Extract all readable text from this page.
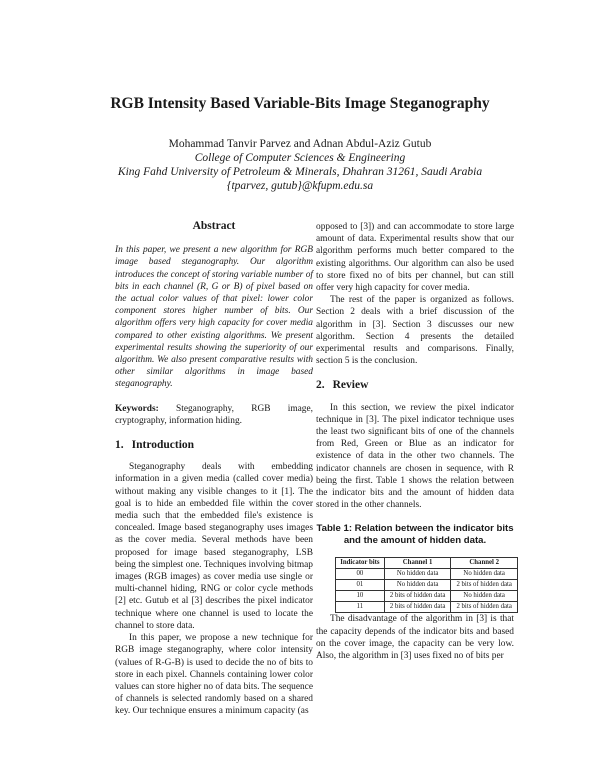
RGB Intensity Based Variable-Bits Image Steganography
Mohammad Tanvir Parvez and Adnan Abdul-Aziz Gutub
College of Computer Sciences & Engineering
King Fahd University of Petroleum & Minerals, Dhahran 31261, Saudi Arabia
{tparvez, gutub}@kfupm.edu.sa
Abstract

In this paper, we present a new algorithm for RGB image based steganography. Our algorithm introduces the concept of storing variable number of bits in each channel (R, G or B) of pixel based on the actual color values of that pixel: lower color component stores higher number of bits. Our algorithm offers very high capacity for cover media compared to other existing algorithms. We present experimental results showing the superiority of our algorithm. We also present comparative results with other similar algorithms in image based steganography.

Keywords: Steganography, RGB image, cryptography, information hiding.

1. Introduction

Steganography deals with embedding information in a given media (called cover media) without making any visible changes to it [1]. The goal is to hide an embedded file within the cover media such that the embedded file's existence is concealed. Image based steganography uses images as the cover media. Several methods have been proposed for image based steganography, LSB being the simplest one. Techniques involving bitmap images (RGB images) as cover media use single or multi-channel hiding, RNG or color cycle methods [2] etc. Gutub et al [3] describes the pixel indicator technique where one channel is used to locate the channel to store data.

In this paper, we propose a new technique for RGB image steganography, where color intensity (values of R-G-B) is used to decide the no of bits to store in each pixel. Channels containing lower color values can store higher no of data bits. The sequence of channels is selected randomly based on a shared key. Our technique ensures a minimum capacity (as

opposed to [3]) and can accommodate to store large amount of data. Experimental results show that our algorithm performs much better compared to the existing algorithms. Our algorithm can also be used to store fixed no of bits per channel, but can still offer very high capacity for cover media.

The rest of the paper is organized as follows. Section 2 deals with a brief discussion of the algorithm in [3]. Section 3 discusses our new algorithm. Section 4 presents the detailed experimental results and comparisons. Finally, section 5 is the conclusion.

2. Review

In this section, we review the pixel indicator technique in [3]. The pixel indicator technique uses the least two significant bits of one of the channels from Red, Green or Blue as an indicator for existence of data in the other two channels. The indicator channels are chosen in sequence, with R being the first. Table 1 shows the relation between the indicator bits and the amount of hidden data stored in the other channels.

Table 1: Relation between the indicator bits and the amount of hidden data.
Indicator bits	Channel 1	Channel 2
00	No hidden data	No hidden data
01	No hidden data	2 bits of hidden data
10	2 bits of hidden data	No hidden data
11	2 bits of hidden data	2 bits of hidden data

The disadvantage of the algorithm in [3] is that the capacity depends of the indicator bits and based on the cover image, the capacity can be very low. Also, the algorithm in [3] uses fixed no of bits per
